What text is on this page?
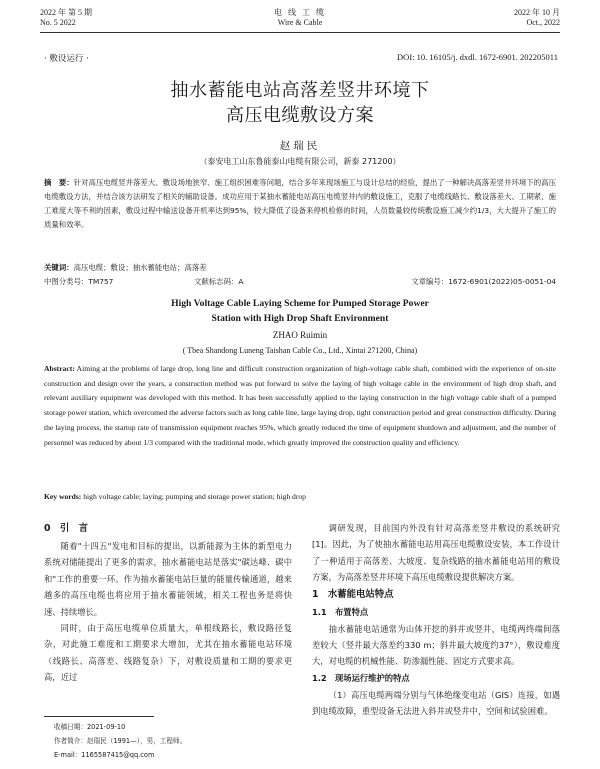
2022 年 第 5 期
No. 5 2022
电 线 工 缆
Wire & Cable
2022 年 10 月
Oct., 2022
· 敷设运行 ·	DOI: 10. 16105/j. dxdl. 1672-6901. 202205011
抽水蓄能电站高落差竖井环境下
高压电缆敷设方案
赵瑞民
（泰安电工山东鲁能泰山电缆有限公司，新泰 271200）
摘　要：针对高压电缆竖井落差大、敷设场地狭窄、施工组织困难等问题，结合多年来现场施工与设计总结的经验，提出了一种解决高落差竖井环境下的高压电缆敷设方法，并结合该方法研发了相关的辅助设备。成功应用于某抽水蓄能电站高压电缆竖井内的敷设施工，克服了电缆线路长、敷设落差大、工期紧、施工难度大等不利的因素，敷设过程中输送设备开机率达到95%，较大降低了设备来停机检修的时间，人员数量较传统敷设施工减少约1/3，大大提升了施工的质量和效率。
关键词：高压电缆；敷设；抽水蓄能电站；高落差
中图分类号：TM757	文献标志码：A	文章编号：1672-6901(2022)05-0051-04
High Voltage Cable Laying Scheme for Pumped Storage Power
Station with High Drop Shaft Environment
ZHAO Ruimin
( Tbea Shandong Luneng Taishan Cable Co., Ltd., Xintai 271200, China)
Abstract: Aiming at the problems of large drop, long line and difficult construction organization of high-voltage cable shaft, combined with the experience of on-site construction and design over the years, a construction method was put forward to solve the laying of high voltage cable in the environment of high drop shaft, and relevant auxiliary equipment was developed with this method. It has been successfully applied to the laying construction in the high voltage cable shaft of a pumped storage power station, which overcomed the adverse factors such as long cable line, large laying drop, tight construction period and great construction difficulty. During the laying process, the startup rate of transmission equipment reaches 95%, which greatly reduced the time of equipment shutdown and adjustment, and the number of personnel was reduced by about 1/3 compared with the traditional mode, which greatly improved the construction quality and efficiency.
Key words: high voltage cable; laying; pumping and storage power station; high drop
0　引　言

随着"十四五"发电和目标的提出，以新能源为主体的新型电力系统对储能提出了更多的需求，抽水蓄能电站是落实"碳达峰、碳中和"工作的重要一环。作为抽水蓄能电站巨量的能量传输通道，越来越多的高压电缆也将应用于抽水蓄能领域，相关工程也务是将快速、持续增长。

同时，由于高压电缆单位质量大，单根线路长，敷设路径复杂，对此施工难度和工期要求大增加，尤其在抽水蓄能电站环境（线路长、高落差、线路复杂）下，对敷设质量和工期的要求更高，近过

调研发现，目前国内外没有针对高落差竖井敷设的系统研究[1]。因此，为了使抽水蓄能电站用高压电缆敷设安装，本工作设计了一种适用于高落差、大坡度、复杂线路的抽水蓄能电站用的敷设方案，为高落差竖井环境下高压电缆敷设提供解决方案。

1　水蓄能电站特点
1.1　布置特点

抽水蓄能电站通常为山体开挖的斜井或竖井，电缆两终端间落差较大（竖井最大落差约330 m；斜井最大坡度约37°），敷设难度大，对电缆的机械性能、防渗漏性能、固定方式要求高。

1.2　现场运行维护的特点

（1）高压电缆两端分别与气体绝缘变电站（GIS）连接，如遇到电缆故障，重型设备无法进入斜井或竖井中，空间和试验困难。

收稿日期：2021-09-10
作者简介：赵瑞民（1991—），男，工程师。
E-mail：1165587415@qq.com
